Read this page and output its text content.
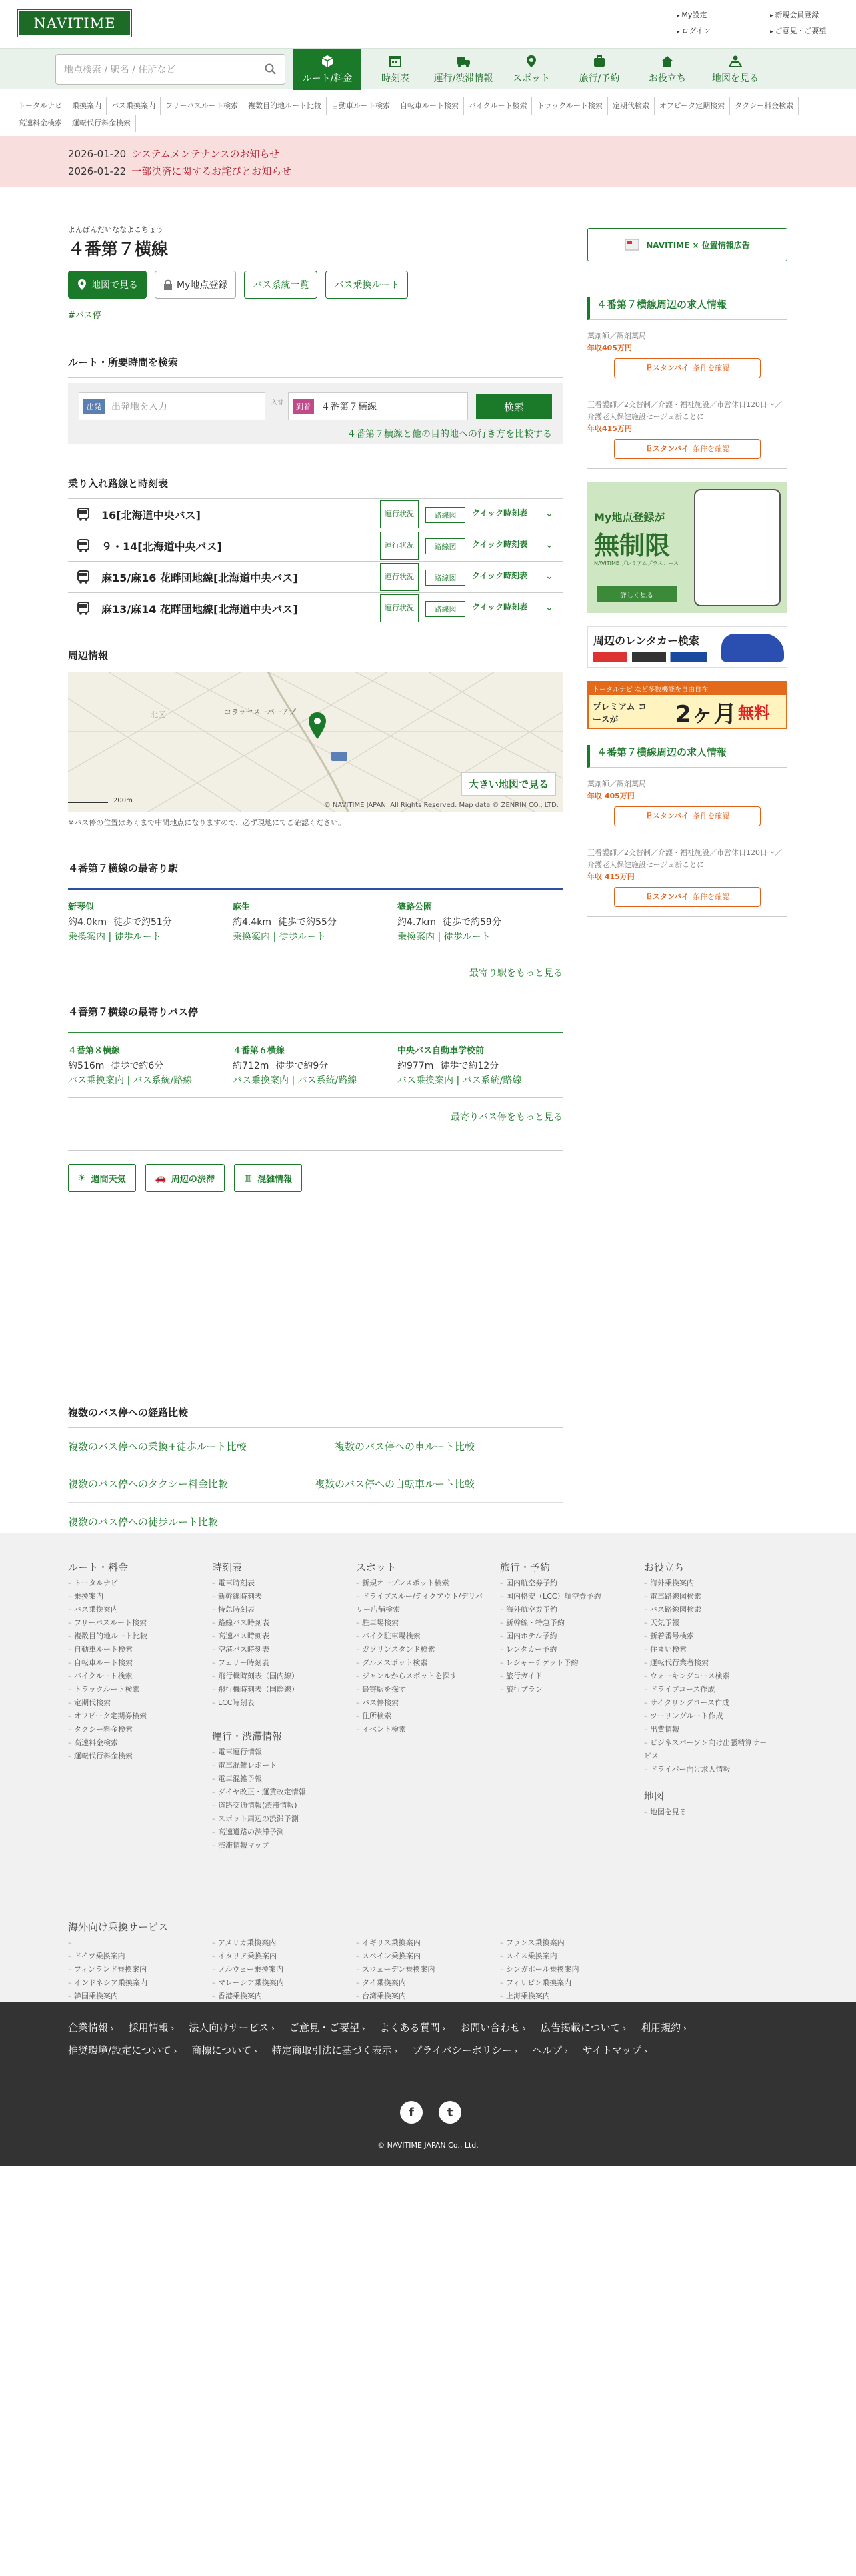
NAVITIME
▸ My設定	▸ 新規会員登録
▸ ログイン	▸ ご意見・ご要望
地点検索 / 駅名 / 住所など
ルート/料金	時刻表	運行/渋滞情報 スポット	旅行/予約	お役立ち	地図を見る
トータルナビ 乗換案内 バス乗換案内 フリーパスルート検索 複数目的地ルート比較 自動車ルート検索 自転車ルート検索 バイクルート検索 トラックルート検索 定期代検索 オフピーク定期検索 タクシー料金検索高速料金検索 運転代行料金検索
2026-01-20 システムメンテナンスのお知らせ
2026-01-22 一部決済に関するお詫びとお知らせ
よんばんだいななよこちょう
４番第７横線
地図で見る	My地点登録	バス系統一覧	バス乗換ルート
#バス停
ルート・所要時間を検索
出発	出発地を入力	入替	到着	４番第７横線	検索
４番第７横線と他の目的地への行き方を比較する
乗り入れ路線と時刻表
16[北海道中央バス]	運行状況	路線図	クイック時刻表 ⌄
９・14[北海道中央バス]	運行状況	路線図	クイック時刻表 ⌄
麻15/麻16 花畔団地線[北海道中央バス]	運行状況	路線図	クイック時刻表 ⌄
麻13/麻14 花畔団地線[北海道中央バス]	運行状況	路線図	クイック時刻表 ⌄
周辺情報
コラッセスーパーアプ
北区
200m
大きい地図で見る
© NAVITIME JAPAN. All Rights Reserved. Map data © ZENRIN CO., LTD.
※バス停の位置はあくまで中間地点になりますので、必ず現地にてご確認ください。
４番第７横線の最寄り駅
新琴似
約4.0km 徒歩で約51分
乗換案内 | 徒歩ルート
麻生
約4.4km 徒歩で約55分
乗換案内 | 徒歩ルート
篠路公園
約4.7km 徒歩で約59分
乗換案内 | 徒歩ルート
最寄り駅をもっと見る
４番第７横線の最寄りバス停
４番第８横線
約516m 徒歩で約6分
バス乗換案内 | バス系統/路線
４番第６横線
約712m 徒歩で約9分
バス乗換案内 | バス系統/路線
中央バス自動車学校前
約977m 徒歩で約12分
バス乗換案内 | バス系統/路線
最寄りバス停をもっと見る
☀ 週間天気	🚗 周辺の渋滞	▥ 混雑情報
複数のバス停への経路比較
複数のバス停への乗換+徒歩ルート比較	複数のバス停への車ルート比較
複数のバス停へのタクシー料金比較	複数のバス停への自転車ルート比較
複数のバス停への徒歩ルート比較
NAVITIME × 位置情報広告
４番第７横線周辺の求人情報
薬剤師／調剤薬局
年収405万円
Ｅスタンバイ 条件を確認
正看護師／2交替制／介護・福祉施設／市営休日120日〜／介護老人保健施設セージュ新ことに
年収415万円
Ｅスタンバイ 条件を確認
My地点登録が
無制限
NAVITIME プレミアムプラスコース
詳しく見る
周辺のレンタカー検索
トータルナビ など多数機能を自由自在
プレミアム コースが	2ヶ月 無料
４番第７横線周辺の求人情報
薬剤師／調剤薬局
年収 405万円
Ｅスタンバイ 条件を確認
正看護師／2交替制／介護・福祉施設／市営休日120日〜／介護老人保健施設セージュ新ことに
年収 415万円
Ｅスタンバイ 条件を確認
ルート・料金
– トータルナビ
– 乗換案内
– バス乗換案内
– フリーパスルート検索
– 複数目的地ルート比較
– 自動車ルート検索
– 自転車ルート検索
– バイクルート検索
– トラックルート検索
– 定期代検索
– オフピーク定期券検索
– タクシー料金検索
– 高速料金検索
– 運転代行料金検索
時刻表
– 電車時刻表
– 新幹線時刻表
– 特急時刻表
– 路線バス時刻表
– 高速バス時刻表
– 空港バス時刻表
– フェリー時刻表
– 飛行機時刻表（国内線）
– 飛行機時刻表（国際線）
– LCC時刻表
運行・渋滞情報
– 電車運行情報
– 電車混雑レポート
– 電車混雑予報
– ダイヤ改正・運賃改定情報
– 道路交通情報(渋滞情報)
– スポット周辺の渋滞予測
– 高速道路の渋滞予測
– 渋滞情報マップ
スポット
– 新規オープンスポット検索
– ドライブスルー/テイクアウト/デリバリー店舗検索
– 駐車場検索
– バイク駐車場検索
– ガソリンスタンド検索
– グルメスポット検索
– ジャンルからスポットを探す
– 最寄駅を探す
– バス停検索
– 住所検索
– イベント検索
旅行・予約
– 国内航空券予約
– 国内格安（LCC）航空券予約
– 海外航空券予約
– 新幹線・特急予約
– 国内ホテル予約
– レンタカー予約
– レジャーチケット予約
– 旅行ガイド
– 旅行プラン
お役立ち
– 海外乗換案内
– 電車路線図検索
– バス路線図検索
– 天気予報
– 新着番号検索
– 住まい検索
– 運転代行業者検索
– ウォーキングコース検索
– ドライブコース作成
– サイクリングコース作成
– ツーリングルート作成
– 出費情報
– ビジネスパーソン向け出張精算サービス
– ドライバー向け求人情報
地図
– 地図を見る
海外向け乗換サービス
– – アメリカ乗換案内	– イギリス乗換案内	– フランス乗換案内
– ドイツ乗換案内	– イタリア乗換案内	– スペイン乗換案内	– スイス乗換案内
– フィンランド乗換案内	– ノルウェー乗換案内	– スウェーデン乗換案内	– シンガポール乗換案内
– インドネシア乗換案内	– マレーシア乗換案内	– タイ乗換案内	– フィリピン乗換案内
– 韓国乗換案内	– 香港乗換案内	– 台湾乗換案内	– 上海乗換案内
–
企業情報 › 採用情報 › 法人向けサービス › ご意見・ご要望 › よくある質問 › お問い合わせ › 広告掲載について › 利用規約 ›推奨環境/設定について › 商標について › 特定商取引法に基づく表示 › プライバシーポリシー › ヘルプ › サイトマップ ›
f	t
© NAVITIME JAPAN Co., Ltd.
